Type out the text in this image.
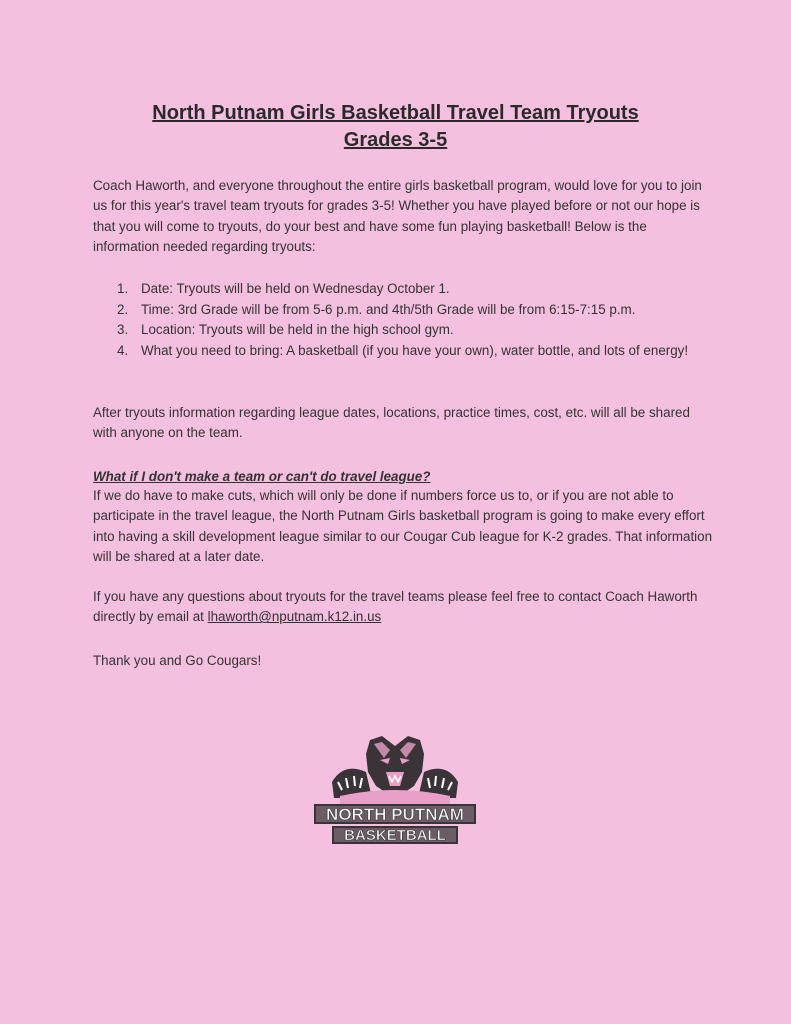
North Putnam Girls Basketball Travel Team Tryouts
Grades 3-5
Coach Haworth, and everyone throughout the entire girls basketball program, would love for you to join us for this year's travel team tryouts for grades 3-5! Whether you have played before or not our hope is that you will come to tryouts, do your best and have some fun playing basketball! Below is the information needed regarding tryouts:
1. Date: Tryouts will be held on Wednesday October 1.
2. Time: 3rd Grade will be from 5-6 p.m. and 4th/5th Grade will be from 6:15-7:15 p.m.
3. Location: Tryouts will be held in the high school gym.
4. What you need to bring: A basketball (if you have your own), water bottle, and lots of energy!
After tryouts information regarding league dates, locations, practice times, cost, etc. will all be shared with anyone on the team.
What if I don't make a team or can't do travel league?
If we do have to make cuts, which will only be done if numbers force us to, or if you are not able to participate in the travel league, the North Putnam Girls basketball program is going to make every effort into having a skill development league similar to our Cougar Cub league for K-2 grades. That information will be shared at a later date.
If you have any questions about tryouts for the travel teams please feel free to contact Coach Haworth directly by email at lhaworth@nputnam.k12.in.us
Thank you and Go Cougars!
NORTH PUTNAM
BASKETBALL
